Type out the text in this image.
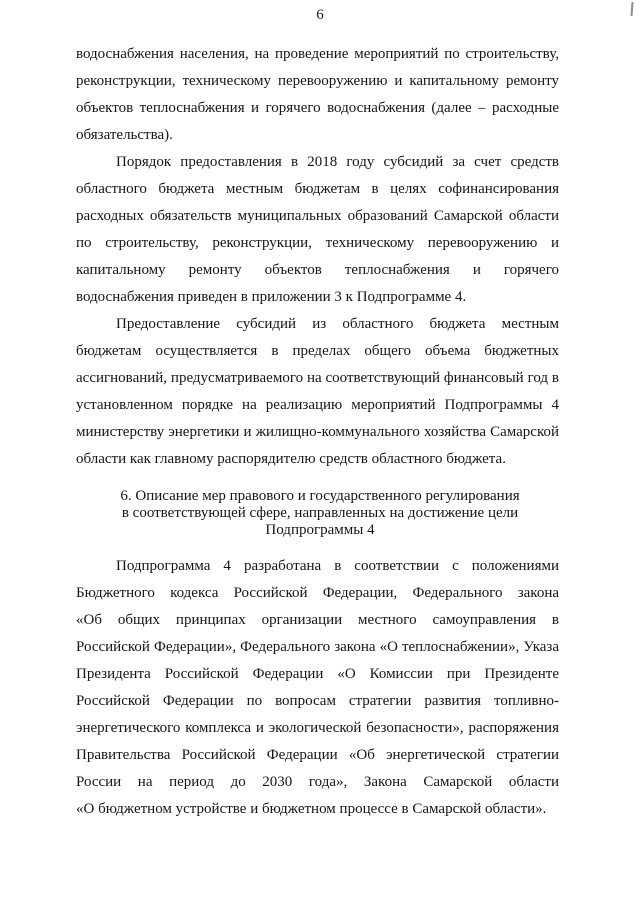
6
водоснабжения населения, на проведение мероприятий по строительству,
реконструкции, техническому перевооружению и капитальному ремонту
объектов теплоснабжения и горячего водоснабжения (далее – расходные
обязательства).
Порядок предоставления в 2018 году субсидий за счет средств
областного бюджета местным бюджетам в целях софинансирования
расходных обязательств муниципальных образований Самарской области
по строительству, реконструкции, техническому перевооружению и
капитальному ремонту объектов теплоснабжения и горячего
водоснабжения приведен в приложении 3 к Подпрограмме 4.
Предоставление субсидий из областного бюджета местным
бюджетам осуществляется в пределах общего объема бюджетных
ассигнований, предусматриваемого на соответствующий финансовый год в
установленном порядке на реализацию мероприятий Подпрограммы 4
министерству энергетики и жилищно-коммунального хозяйства Самарской
области как главному распорядителю средств областного бюджета.
6. Описание мер правового и государственного регулирования
в соответствующей сфере, направленных на достижение цели
Подпрограммы 4
Подпрограмма 4 разработана в соответствии с положениями
Бюджетного кодекса Российской Федерации, Федерального закона
«Об общих принципах организации местного самоуправления в
Российской Федерации», Федерального закона «О теплоснабжении», Указа
Президента Российской Федерации «О Комиссии при Президенте
Российской Федерации по вопросам стратегии развития топливно-
энергетического комплекса и экологической безопасности», распоряжения
Правительства Российской Федерации «Об энергетической стратегии
России на период до 2030 года», Закона Самарской области
«О бюджетном устройстве и бюджетном процессе в Самарской области».
